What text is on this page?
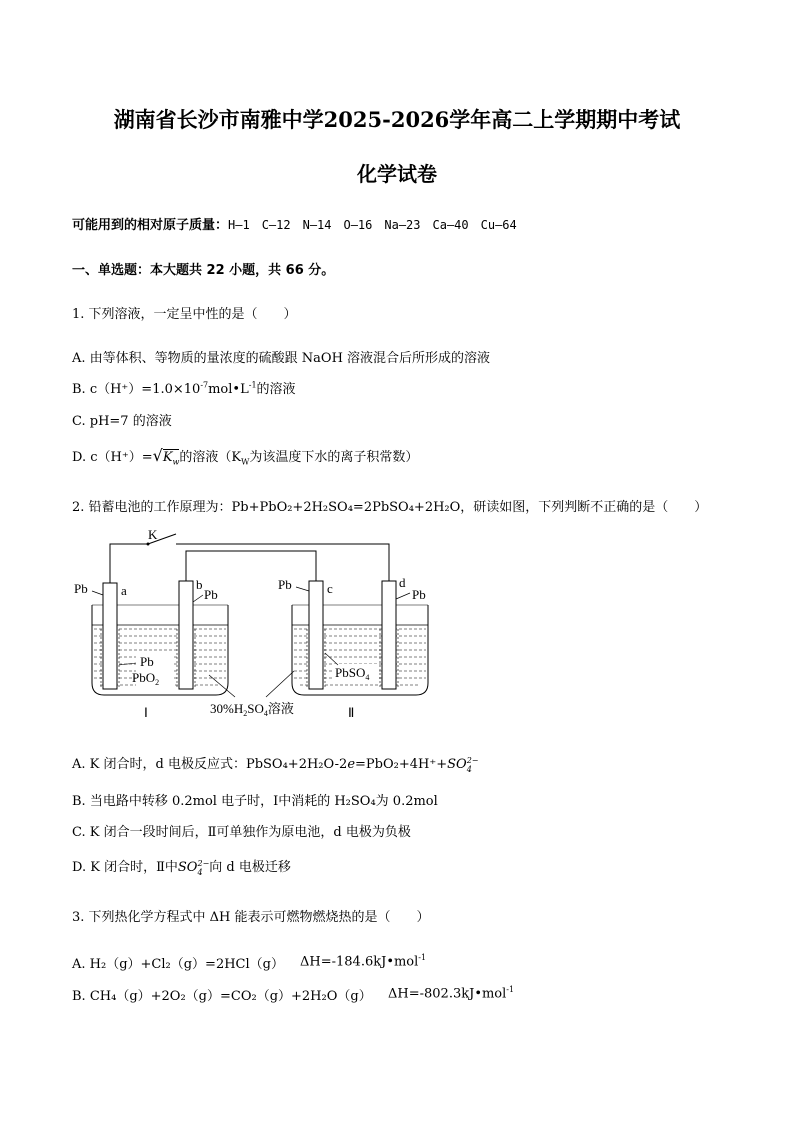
湖南省长沙市南雅中学2025-2026学年高二上学期期中考试
化学试卷
可能用到的相对原子质量：H—1　C—12　N—14　O—16　Na—23　Ca—40　Cu—64
一、单选题：本大题共 22 小题，共 66 分。
1. 下列溶液，一定呈中性的是（　　）
A. 由等体积、等物质的量浓度的硫酸跟 NaOH 溶液混合后所形成的溶液
B. $c(H^+)=1.0\times 10^{-7}mol•L^{-1}$的溶液
C. pH=7 的溶液
D. $c(H^+)=√K_w$的溶液（$K_W$为该温度下水的离子积常数）
2. 铅蓄电池的工作原理为：Pb+PbO₂+2H₂SO₄=2PbSO₄+2H₂O，研读如图，下列判断不正确的是（　　）
K
Pb	a	b
Pb
Pb	c	d
Pb
Pb
PbO$_2$
PbSO$_4$
$30\%H_2SO_4$溶液
Ⅰ	Ⅱ
A. K 闭合时，d 电极反应式：PbSO₄+2H₂O-2e=PbO₂+4H⁺+SO 2−
4
B. 当电路中转移 0.2mol 电子时，Ⅰ中消耗的 H₂SO₄为 0.2mol
C. K 闭合一段时间后，Ⅱ可单独作为原电池，d 电极为负极
D. K 闭合时，Ⅱ中SO 2−
4 向 d 电极迁移
3. 下列热化学方程式中 ΔH 能表示可燃物燃烧热的是（　　）
A. H₂（g）+Cl₂（g）=2HCl（g） ΔH=-184.6kJ•mol$^{-1}$
B. CH₄（g）+2O₂（g）=CO₂（g）+2H₂O（g） ΔH=-802.3kJ•mol$^{-1}$
